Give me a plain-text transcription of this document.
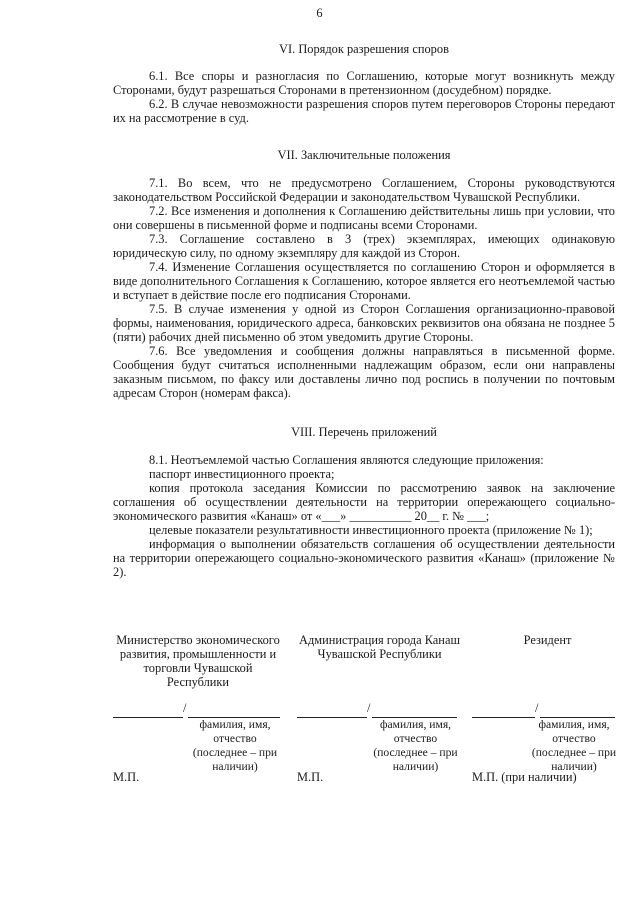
6
VI. Порядок разрешения споров

6.1. Все споры и разногласия по Соглашению, которые могут возникнуть между Сторонами, будут разрешаться Сторонами в претензионном (досудебном) порядке.

6.2. В случае невозможности разрешения споров путем переговоров Стороны передают их на рассмотрение в суд.

VII. Заключительные положения

7.1. Во всем, что не предусмотрено Соглашением, Стороны руководствуются законодательством Российской Федерации и законодательством Чувашской Республики.

7.2. Все изменения и дополнения к Соглашению действительны лишь при условии, что они совершены в письменной форме и подписаны всеми Сторонами.

7.3. Соглашение составлено в 3 (трех) экземплярах, имеющих одинаковую юридическую силу, по одному экземпляру для каждой из Сторон.

7.4. Изменение Соглашения осуществляется по соглашению Сторон и оформляется в виде дополнительного Соглашения к Соглашению, которое является его неотъемлемой частью и вступает в действие после его подписания Сторонами.

7.5. В случае изменения у одной из Сторон Соглашения организационно-правовой формы, наименования, юридического адреса, банковских реквизитов она обязана не позднее 5 (пяти) рабочих дней письменно об этом уведомить другие Стороны.

7.6. Все уведомления и сообщения должны направляться в письменной форме. Сообщения будут считаться исполненными надлежащим образом, если они направлены заказным письмом, по факсу или доставлены лично под роспись в получении по почтовым адресам Сторон (номерам факса).

VIII. Перечень приложений

8.1. Неотъемлемой частью Соглашения являются следующие приложения:

паспорт инвестиционного проекта;

копия протокола заседания Комиссии по рассмотрению заявок на заключение соглашения об осуществлении деятельности на территории опережающего социально-экономического развития «Канаш» от «___» __________ 20__ г. № ___;

целевые показатели результативности инвестиционного проекта (приложение № 1);

информация о выполнении обязательств соглашения об осуществлении деятельности на территории опережающего социально-экономического развития «Канаш» (приложение № 2).

Министерство экономического развития, промышленности и торговли Чувашской Республики
Администрация города Канаш Чувашской Республики
Резидент
/
фамилия, имя, отчество (последнее – при наличии)
М.П.
/
фамилия, имя, отчество (последнее – при наличии)
М.П.
/
фамилия, имя, отчество (последнее – при наличии)
М.П. (при наличии)
